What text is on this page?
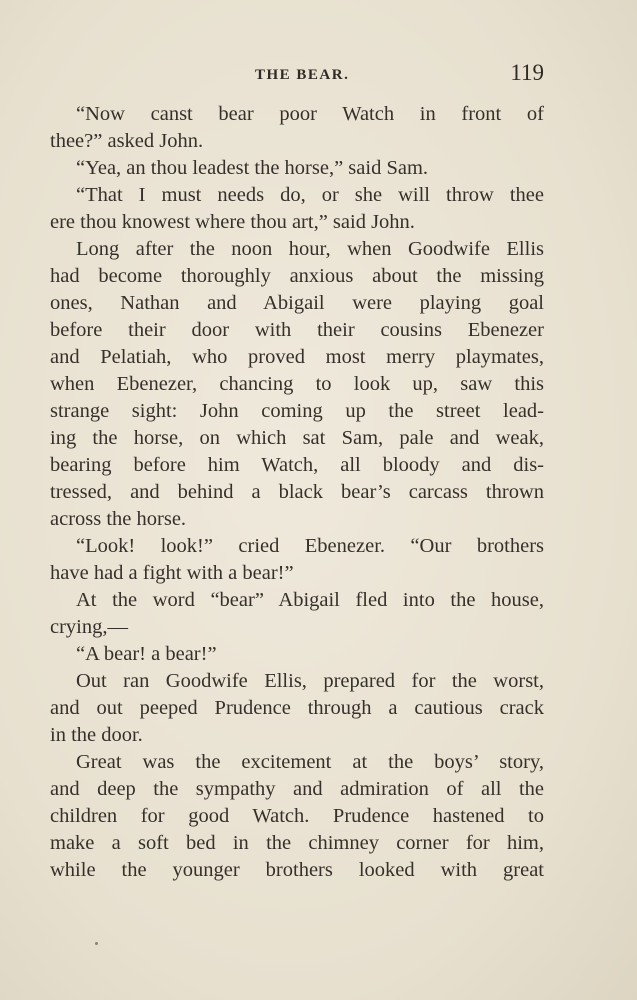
THE BEAR.	119
“Now canst bear poor Watch in front of
thee?” asked John.
“Yea, an thou leadest the horse,” said Sam.
“That I must needs do, or she will throw thee
ere thou knowest where thou art,” said John.
Long after the noon hour, when Goodwife Ellis
had become thoroughly anxious about the missing
ones, Nathan and Abigail were playing goal
before their door with their cousins Ebenezer
and Pelatiah, who proved most merry playmates,
when Ebenezer, chancing to look up, saw this
strange sight: John coming up the street lead-
ing the horse, on which sat Sam, pale and weak,
bearing before him Watch, all bloody and dis-
tressed, and behind a black bear’s carcass thrown
across the horse.
“Look! look!” cried Ebenezer. “Our brothers
have had a fight with a bear!”
At the word “bear” Abigail fled into the house,
crying,—
“A bear! a bear!”
Out ran Goodwife Ellis, prepared for the worst,
and out peeped Prudence through a cautious crack
in the door.
Great was the excitement at the boys’ story,
and deep the sympathy and admiration of all the
children for good Watch. Prudence hastened to
make a soft bed in the chimney corner for him,
while the younger brothers looked with great
